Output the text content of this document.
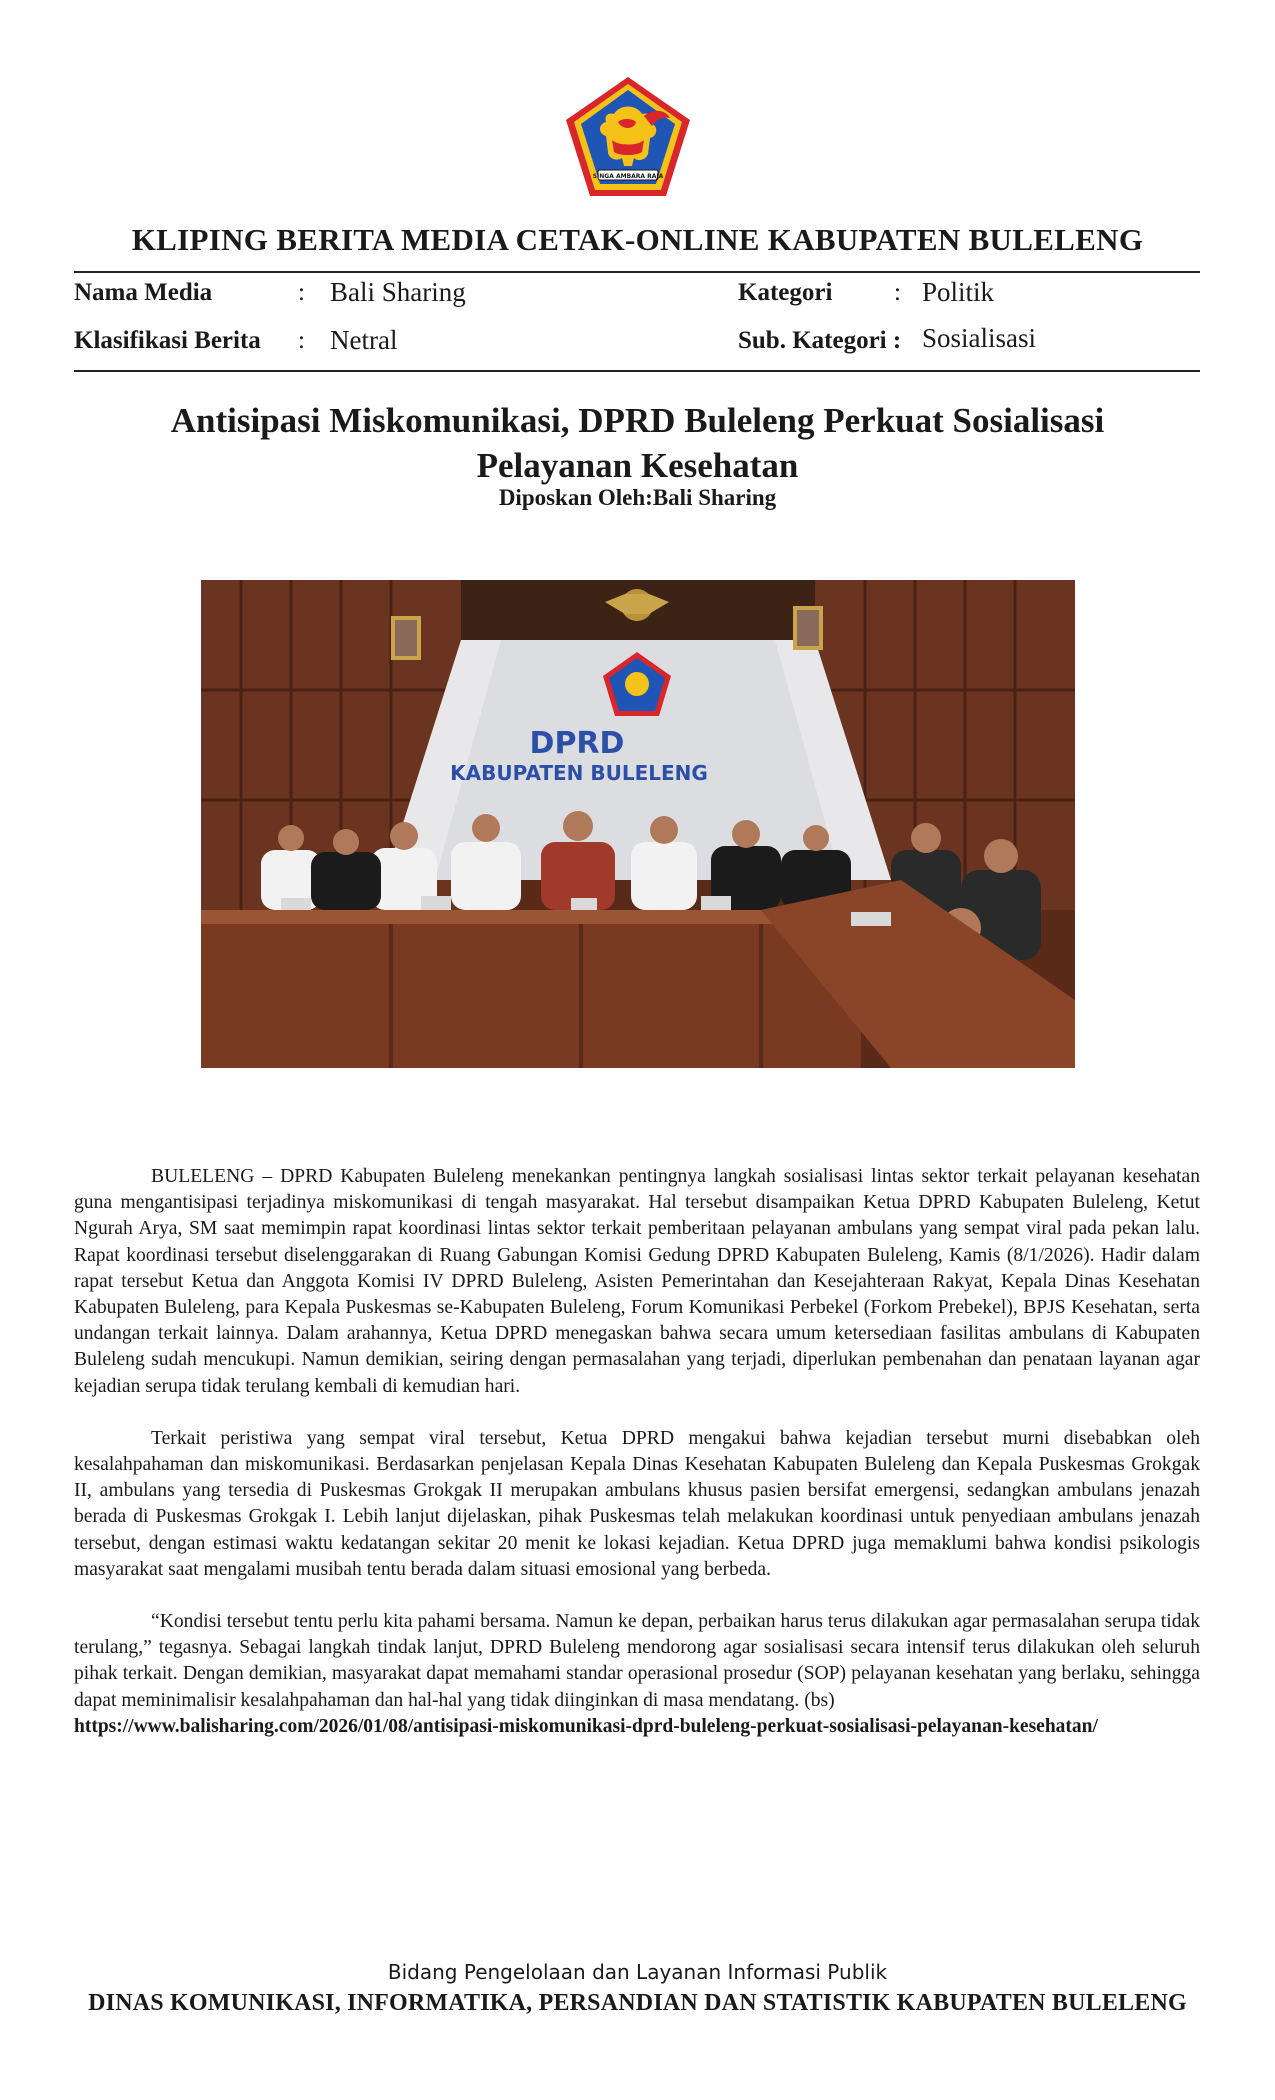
SINGA AMBARA RAJA
KLIPING BERITA MEDIA CETAK-ONLINE KABUPATEN BULELENG
Nama Media	: Bali Sharing
Klasifikasi Berita : Netral
Kategori : Politik
Sub. Kategori : Sosialisasi
Antisipasi Miskomunikasi, DPRD Buleleng Perkuat Sosialisasi
Pelayanan Kesehatan
Diposkan Oleh:Bali Sharing
DPRD
KABUPATEN BULELENG

BULELENG – DPRD Kabupaten Buleleng menekankan pentingnya langkah sosialisasi lintas sektor terkait pelayanan kesehatan guna mengantisipasi terjadinya miskomunikasi di tengah masyarakat. Hal tersebut disampaikan Ketua DPRD Kabupaten Buleleng, Ketut Ngurah Arya, SM saat memimpin rapat koordinasi lintas sektor terkait pemberitaan pelayanan ambulans yang sempat viral pada pekan lalu. Rapat koordinasi tersebut diselenggarakan di Ruang Gabungan Komisi Gedung DPRD Kabupaten Buleleng, Kamis (8/1/2026). Hadir dalam rapat tersebut Ketua dan Anggota Komisi IV DPRD Buleleng, Asisten Pemerintahan dan Kesejahteraan Rakyat, Kepala Dinas Kesehatan Kabupaten Buleleng, para Kepala Puskesmas se-Kabupaten Buleleng, Forum Komunikasi Perbekel (Forkom Prebekel), BPJS Kesehatan, serta undangan terkait lainnya. Dalam arahannya, Ketua DPRD menegaskan bahwa secara umum ketersediaan fasilitas ambulans di Kabupaten Buleleng sudah mencukupi. Namun demikian, seiring dengan permasalahan yang terjadi, diperlukan pembenahan dan penataan layanan agar kejadian serupa tidak terulang kembali di kemudian hari.

Terkait peristiwa yang sempat viral tersebut, Ketua DPRD mengakui bahwa kejadian tersebut murni disebabkan oleh kesalahpahaman dan miskomunikasi. Berdasarkan penjelasan Kepala Dinas Kesehatan Kabupaten Buleleng dan Kepala Puskesmas Grokgak II, ambulans yang tersedia di Puskesmas Grokgak II merupakan ambulans khusus pasien bersifat emergensi, sedangkan ambulans jenazah berada di Puskesmas Grokgak I. Lebih lanjut dijelaskan, pihak Puskesmas telah melakukan koordinasi untuk penyediaan ambulans jenazah tersebut, dengan estimasi waktu kedatangan sekitar 20 menit ke lokasi kejadian. Ketua DPRD juga memaklumi bahwa kondisi psikologis masyarakat saat mengalami musibah tentu berada dalam situasi emosional yang berbeda.

“Kondisi tersebut tentu perlu kita pahami bersama. Namun ke depan, perbaikan harus terus dilakukan agar permasalahan serupa tidak terulang,” tegasnya. Sebagai langkah tindak lanjut, DPRD Buleleng mendorong agar sosialisasi secara intensif terus dilakukan oleh seluruh pihak terkait. Dengan demikian, masyarakat dapat memahami standar operasional prosedur (SOP) pelayanan kesehatan yang berlaku, sehingga dapat meminimalisir kesalahpahaman dan hal-hal yang tidak diinginkan di masa mendatang. (bs)

https://www.balisharing.com/2026/01/08/antisipasi-miskomunikasi-dprd-buleleng-perkuat-sosialisasi-pelayanan-kesehatan/
Bidang Pengelolaan dan Layanan Informasi Publik
DINAS KOMUNIKASI, INFORMATIKA, PERSANDIAN DAN STATISTIK KABUPATEN BULELENG
